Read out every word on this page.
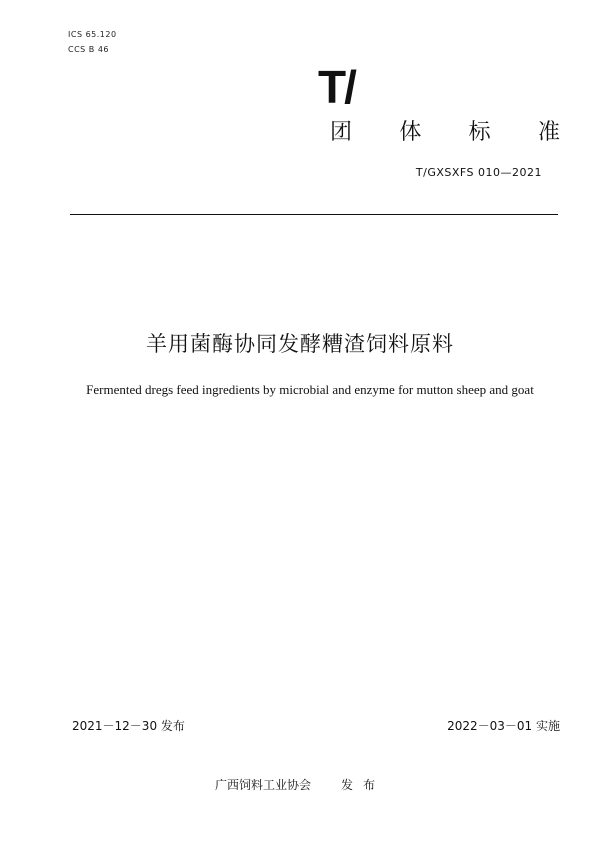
ICS 65.120
CCS B 46
T/
团 体 标 准
T/GXSXFS 010—2021
羊用菌酶协同发酵糟渣饲料原料
Fermented dregs feed ingredients by microbial and enzyme for mutton sheep and goat
2021－12－30 发布	2022－03－01 实施
广西饲料工业协会	发布
